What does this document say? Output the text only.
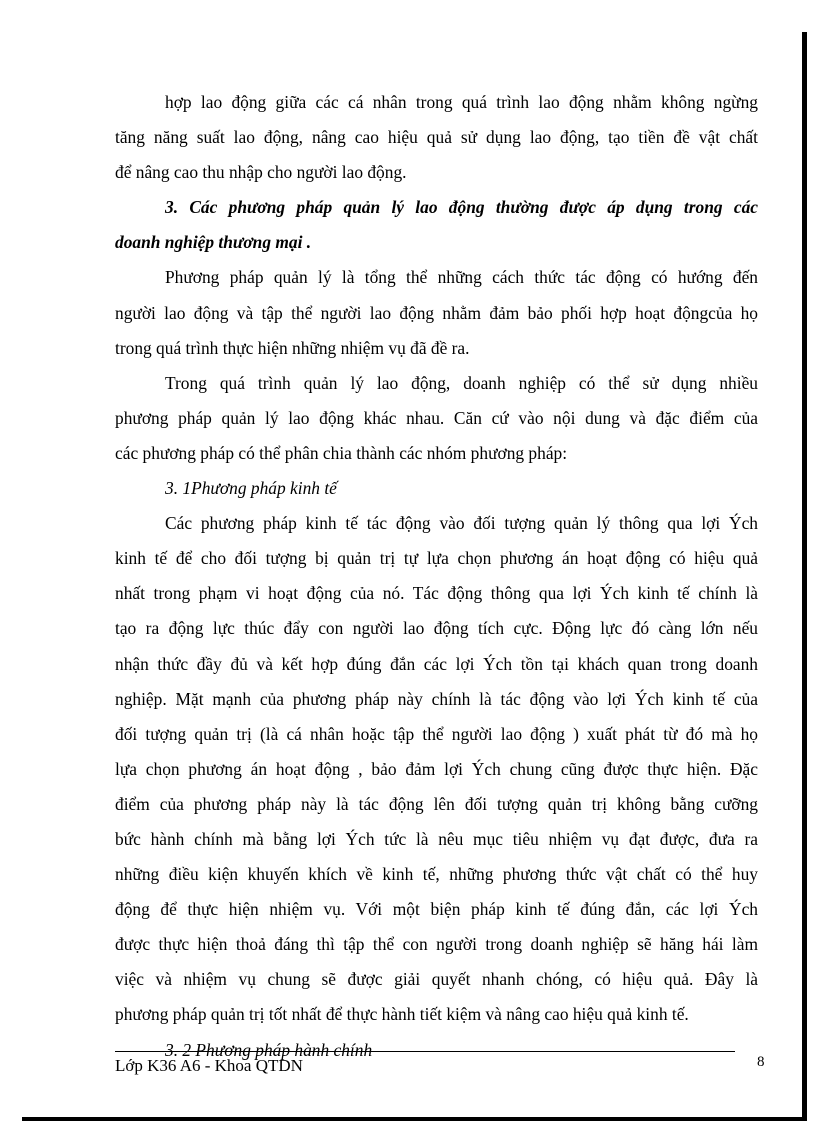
hợp lao động giữa các cá nhân trong quá trình lao động nhằm không ngừng
tăng năng suất lao động, nâng cao hiệu quả sử dụng lao động, tạo tiền đề vật chất
để nâng cao thu nhập cho người lao động.
3. Các phương pháp quản lý lao động thường được áp dụng trong các
doanh nghiệp thương mại .
Phương pháp quản lý là tổng thể những cách thức tác động có hướng đến
người lao động và tập thể người lao động nhằm đảm bảo phối hợp hoạt độngcủa họ
trong quá trình thực hiện những nhiệm vụ đã đề ra.
Trong quá trình quản lý lao động, doanh nghiệp có thể sử dụng nhiều
phương pháp quản lý lao động khác nhau. Căn cứ vào nội dung và đặc điểm của
các phương pháp có thể phân chia thành các nhóm phương pháp:
3. 1Phương pháp kinh tế
Các phương pháp kinh tế tác động vào đối tượng quản lý thông qua lợi Ých
kinh tế để cho đối tượng bị quản trị tự lựa chọn phương án hoạt động có hiệu quả
nhất trong phạm vi hoạt động của nó. Tác động thông qua lợi Ých kinh tế chính là
tạo ra động lực thúc đẩy con người lao động tích cực. Động lực đó càng lớn nếu
nhận thức đầy đủ và kết hợp đúng đắn các lợi Ých tồn tại khách quan trong doanh
nghiệp. Mặt mạnh của phương pháp này chính là tác động vào lợi Ých kinh tế của
đối tượng quản trị (là cá nhân hoặc tập thể người lao động ) xuất phát từ đó mà họ
lựa chọn phương án hoạt động , bảo đảm lợi Ých chung cũng được thực hiện. Đặc
điểm của phương pháp này là tác động lên đối tượng quản trị không bằng cưỡng
bức hành chính mà bằng lợi Ých tức là nêu mục tiêu nhiệm vụ đạt được, đưa ra
những điều kiện khuyến khích về kinh tế, những phương thức vật chất có thể huy
động để thực hiện nhiệm vụ. Với một biện pháp kinh tế đúng đắn, các lợi Ých
được thực hiện thoả đáng thì tập thể con người trong doanh nghiệp sẽ hăng hái làm
việc và nhiệm vụ chung sẽ được giải quyết nhanh chóng, có hiệu quả. Đây là
phương pháp quản trị tốt nhất để thực hành tiết kiệm và nâng cao hiệu quả kinh tế.
3. 2 Phương pháp hành chính
Lớp K36 A6 - Khoa QTDN	8
